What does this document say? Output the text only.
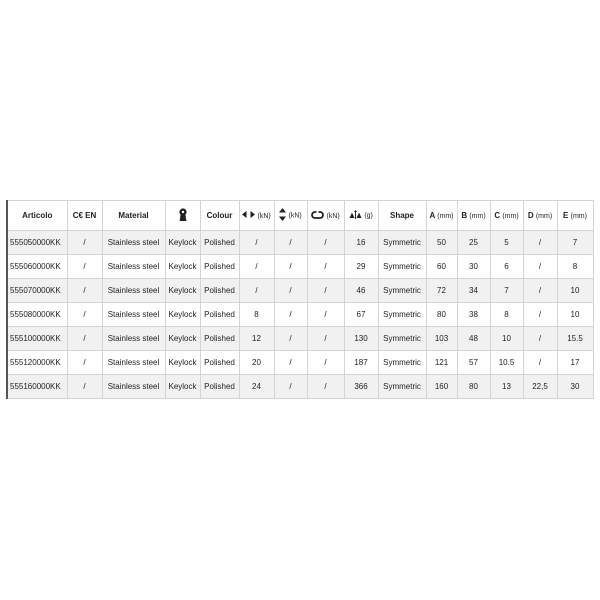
Articolo	C€ EN	Material		Colour	(kN)	(kN)	(kN)	(g)	Shape	A (mm)	B (mm)	C (mm)	D (mm)	E (mm)
555050000KK	/	Stainless steel	Keylock	Polished	/	/	/	16	Symmetric	50	25	5	/	7
555060000KK	/	Stainless steel	Keylock	Polished	/	/	/	29	Symmetric	60	30	6	/	8
555070000KK	/	Stainless steel	Keylock	Polished	/	/	/	46	Symmetric	72	34	7	/	10
555080000KK	/	Stainless steel	Keylock	Polished	8	/	/	67	Symmetric	80	38	8	/	10
555100000KK	/	Stainless steel	Keylock	Polished	12	/	/	130	Symmetric	103	48	10	/	15.5
555120000KK	/	Stainless steel	Keylock	Polished	20	/	/	187	Symmetric	121	57	10.5	/	17
555160000KK	/	Stainless steel	Keylock	Polished	24	/	/	366	Symmetric	160	80	13	22,5	30
